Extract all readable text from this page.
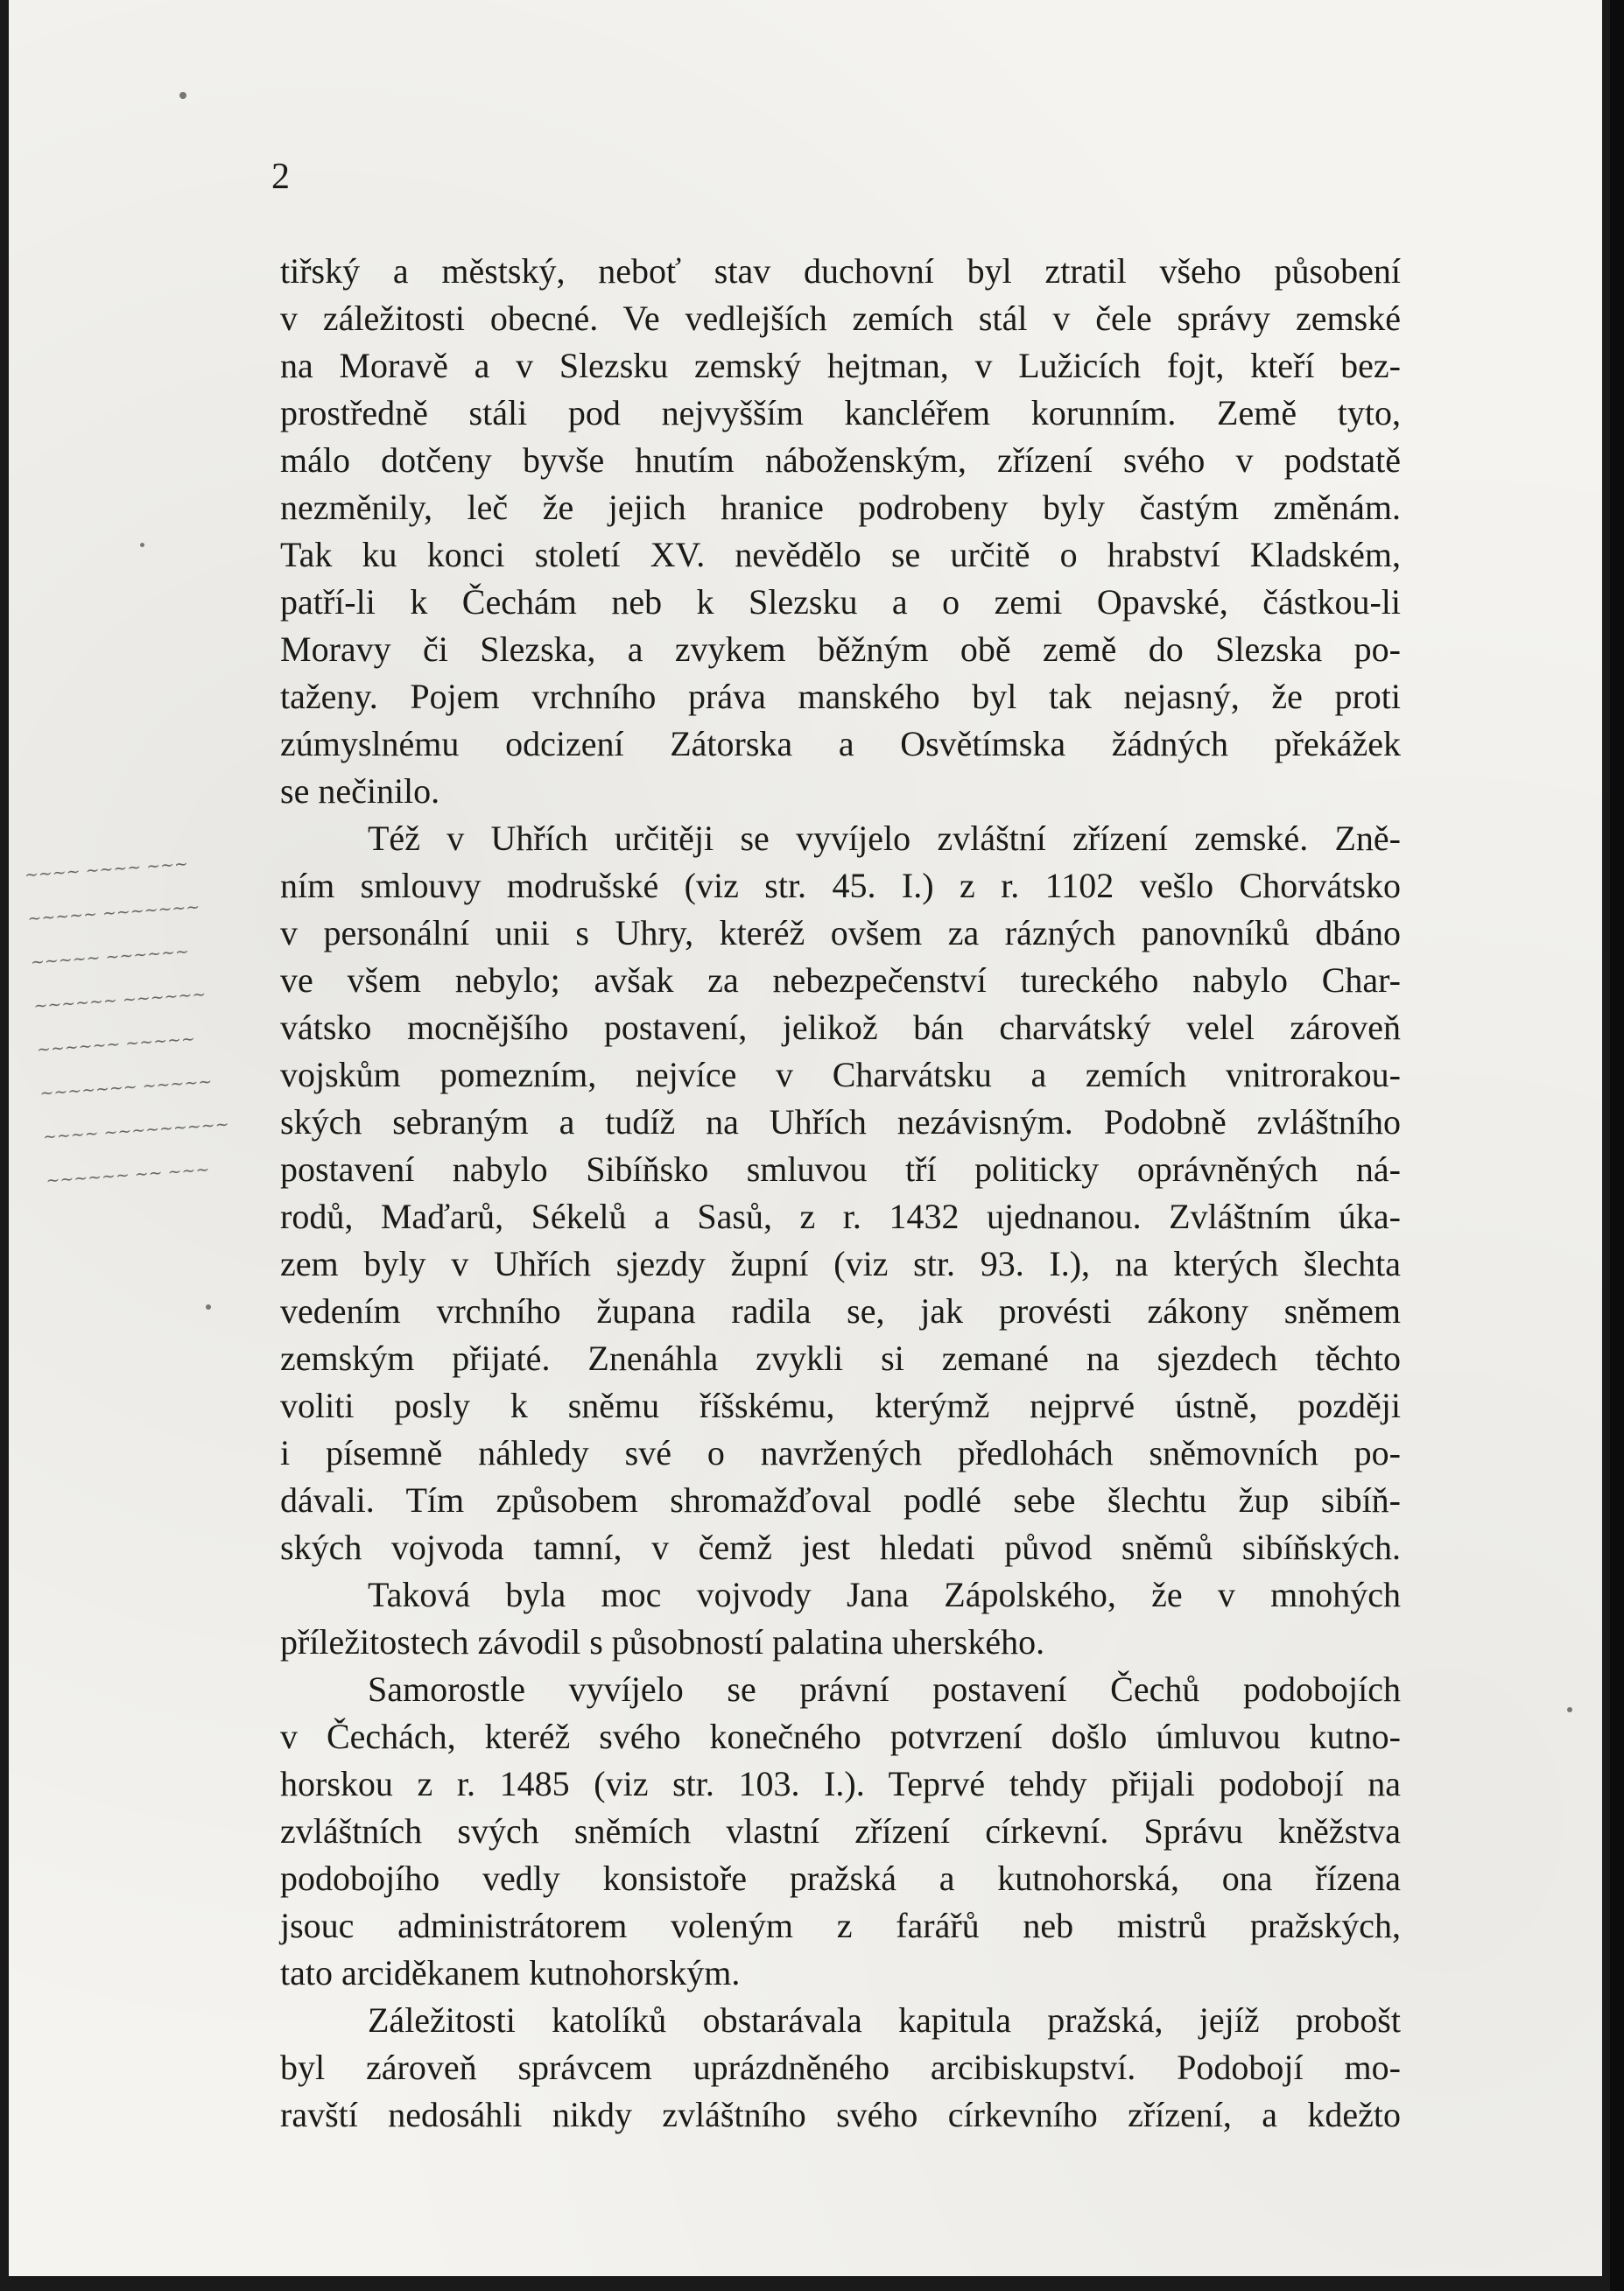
2
tiřský a městský, neboť stav duchovní byl ztratil všeho působení
v záležitosti obecné. Ve vedlejších zemích stál v čele správy zemské
na Moravě a v Slezsku zemský hejtman, v Lužicích fojt, kteří bez-
prostředně stáli pod nejvyšším kancléřem korunním. Země tyto,
málo dotčeny byvše hnutím náboženským, zřízení svého v podstatě
nezměnily, leč že jejich hranice podrobeny byly častým změnám.
Tak ku konci století XV. nevědělo se určitě o hrabství Kladském,
patří-li k Čechám neb k Slezsku a o zemi Opavské, částkou-li
Moravy či Slezska, a zvykem běžným obě země do Slezska po-
taženy. Pojem vrchního práva manského byl tak nejasný, že proti
zúmyslnému odcizení Zátorska a Osvětímska žádných překážek
se nečinilo.
Též v Uhřích určitěji se vyvíjelo zvláštní zřízení zemské. Zně-
ním smlouvy modrušské (viz str. 45. I.) z r. 1102 vešlo Chorvátsko
v personální unii s Uhry, kteréž ovšem za rázných panovníků dbáno
ve všem nebylo; avšak za nebezpečenství tureckého nabylo Char-
vátsko mocnějšího postavení, jelikož bán charvátský velel zároveň
vojskům pomezním, nejvíce v Charvátsku a zemích vnitrorakou-
ských sebraným a tudíž na Uhřích nezávisným. Podobně zvláštního
postavení nabylo Sibíňsko smluvou tří politicky oprávněných ná-
rodů, Maďarů, Sékelů a Sasů, z r. 1432 ujednanou. Zvláštním úka-
zem byly v Uhřích sjezdy župní (viz str. 93. I.), na kterých šlechta
vedením vrchního župana radila se, jak provésti zákony sněmem
zemským přijaté. Znenáhla zvykli si zemané na sjezdech těchto
voliti posly k sněmu říšskému, kterýmž nejprvé ústně, později
i písemně náhledy své o navržených předlohách sněmovních po-
dávali. Tím způsobem shromažďoval podlé sebe šlechtu žup sibíň-
ských vojvoda tamní, v čemž jest hledati původ sněmů sibíňských.
Taková byla moc vojvody Jana Zápolského, že v mnohých
příležitostech závodil s působností palatina uherského.
Samorostle vyvíjelo se právní postavení Čechů podobojích
v Čechách, kteréž svého konečného potvrzení došlo úmluvou kutno-
horskou z r. 1485 (viz str. 103. I.). Teprvé tehdy přijali podobojí na
zvláštních svých sněmích vlastní zřízení církevní. Správu kněžstva
podobojího vedly konsistoře pražská a kutnohorská, ona řízena
jsouc administrátorem voleným z farářů neb mistrů pražských,
tato arciděkanem kutnohorským.
Záležitosti katolíků obstarávala kapitula pražská, jejíž probošt
byl zároveň správcem uprázdněného arcibiskupství. Podobojí mo-
ravští nedosáhli nikdy zvláštního svého církevního zřízení, a kdežto
~~~~ ~~~~ ~~~
~~~~~ ~~~~~~~
~~~~~ ~~~~~~
~~~~~~ ~~~~~~
~~~~~~ ~~~~~
~~~~~~~ ~~~~~
~~~~ ~~~~~~~~~
~~~~~~ ~~ ~~~
